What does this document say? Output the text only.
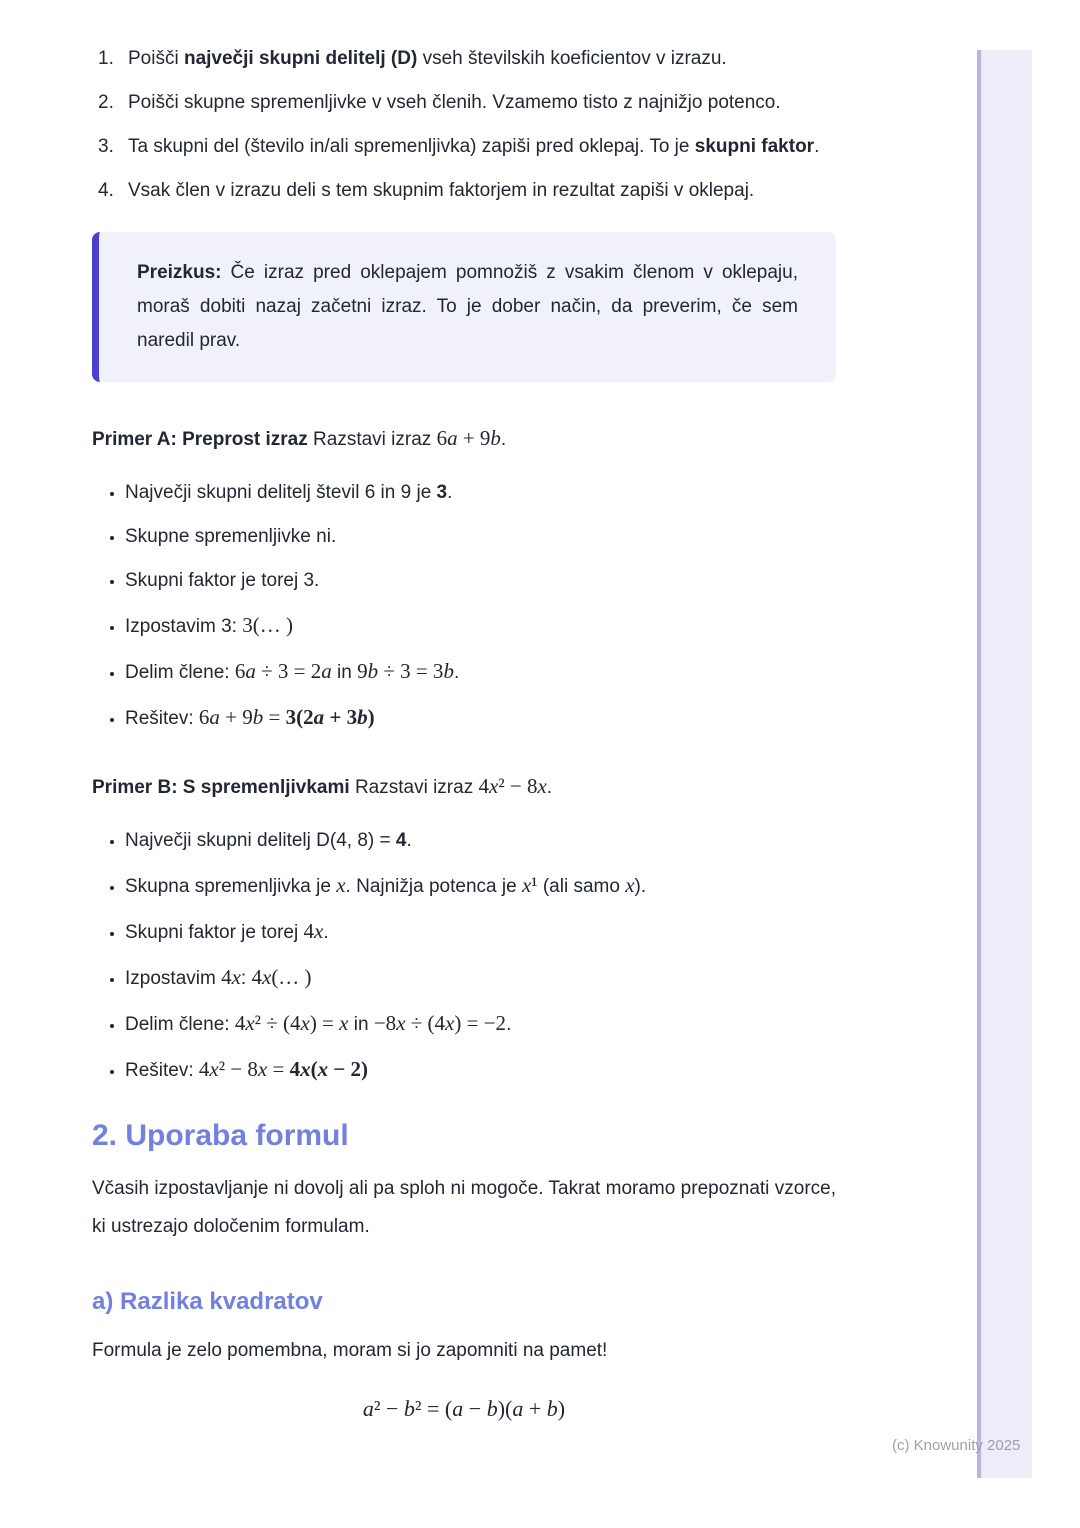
(c) Knowunity 2025
1. Poišči največji skupni delitelj (D) vseh številskih koeficientov v izrazu.
2. Poišči skupne spremenljivke v vseh členih. Vzamemo tisto z najnižjo potenco.
3. Ta skupni del (število in/ali spremenljivka) zapiši pred oklepaj. To je skupni faktor.
4. Vsak člen v izrazu deli s tem skupnim faktorjem in rezultat zapiši v oklepaj.
Preizkus: Če izraz pred oklepajem pomnožiš z vsakim členom v oklepaju, moraš dobiti nazaj začetni izraz. To je dober način, da preverim, če sem naredil prav.

Primer A: Preprost izraz Razstavi izraz 6a + 9b.

• Največji skupni delitelj števil 6 in 9 je 3.
• Skupne spremenljivke ni.
• Skupni faktor je torej 3.
• Izpostavim 3: 3(… )
• Delim člene: 6a ÷ 3 = 2a in 9b ÷ 3 = 3b.
• Rešitev: 6a + 9b = 3(2a + 3b)

Primer B: S spremenljivkami Razstavi izraz 4x² − 8x.

• Največji skupni delitelj D(4, 8) = 4.
• Skupna spremenljivka je x. Najnižja potenca je x¹ (ali samo x).
• Skupni faktor je torej 4x.
• Izpostavim 4x: 4x(… )
• Delim člene: 4x² ÷ (4x) = x in −8x ÷ (4x) = −2.
• Rešitev: 4x² − 8x = 4x(x − 2)
2. Uporaba formul

Včasih izpostavljanje ni dovolj ali pa sploh ni mogoče. Takrat moramo prepoznati vzorce, ki ustrezajo določenim formulam.

a) Razlika kvadratov

Formula je zelo pomembna, moram si jo zapomniti na pamet!

a² − b² = (a − b)(a + b)
